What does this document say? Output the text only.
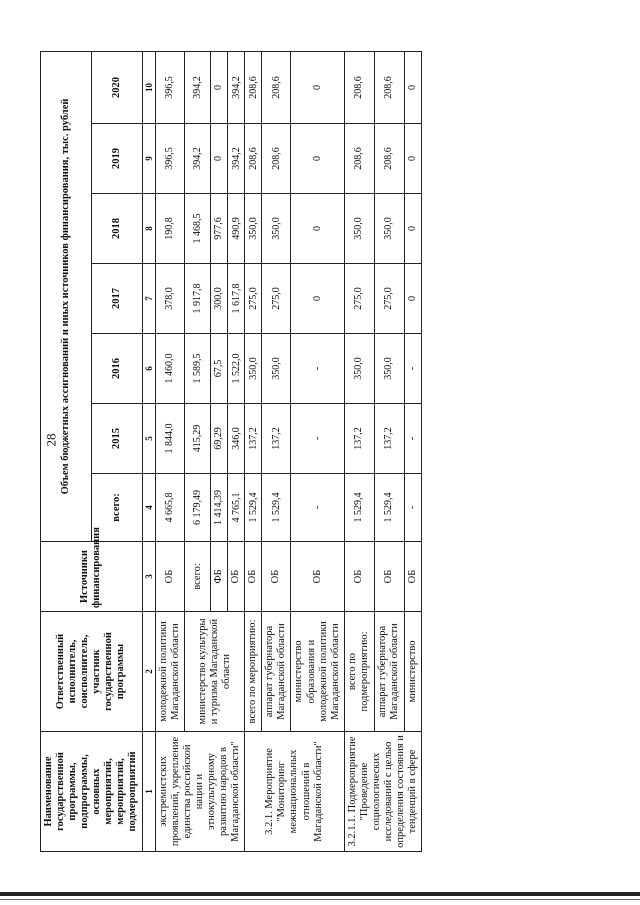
28
Наименование государственной программы, подпрограммы, основных мероприятий, мероприятий, подмероприятий	Ответственный исполнитель, соисполнитель, участник государственной программы	Источники финансирования	Объем бюджетных ассигнований и иных источников финансирования, тыс. рублей						
			всего:	2015	2016	2017	2018	2019	2020
1	2	3	4	5	6	7	8	9	10
экстремистских проявлений, укрепление единства российской нации и этнокультурному развитию народов в Магаданской области"	молодежной политики Магаданской области	ОБ	4 665,8	1 844,0	1 460,0	378,0	190,8	396,5	396,5
	министерство культуры и туризма Магаданской области	всего:	6 179,49	415,29	1 589,5	1 917,8	1 468,5	394,2	394,2
		ФБ	1 414,39	69,29	67,5	300,0	977,6	0	0
		ОБ	4 765,1	346,0	1 522,0	1 617,8	490,9	394,2	394,2
3.2.1. Мероприятие "Мониторинг межнациональных отношений в Магаданской области"	всего по мероприятию:	ОБ	1 529,4	137,2	350,0	275,0	350,0	208,6	208,6
	аппарат губернатора Магаданской области	ОБ	1 529,4	137,2	350,0	275,0	350,0	208,6	208,6
	министерство образования и молодежной политики Магаданской области	ОБ	-	-	-	0	0	0	0
3.2.1.1. Подмероприятие "Проведение социологических исследований с целью определения состояния и тенденций в сфере	всего по подмероприятию:	ОБ	1 529,4	137,2	350,0	275,0	350,0	208,6	208,6
	аппарат губернатора Магаданской области	ОБ	1 529,4	137,2	350,0	275,0	350,0	208,6	208,6
	министерство	ОБ	-	-	-	0	0	0	0
